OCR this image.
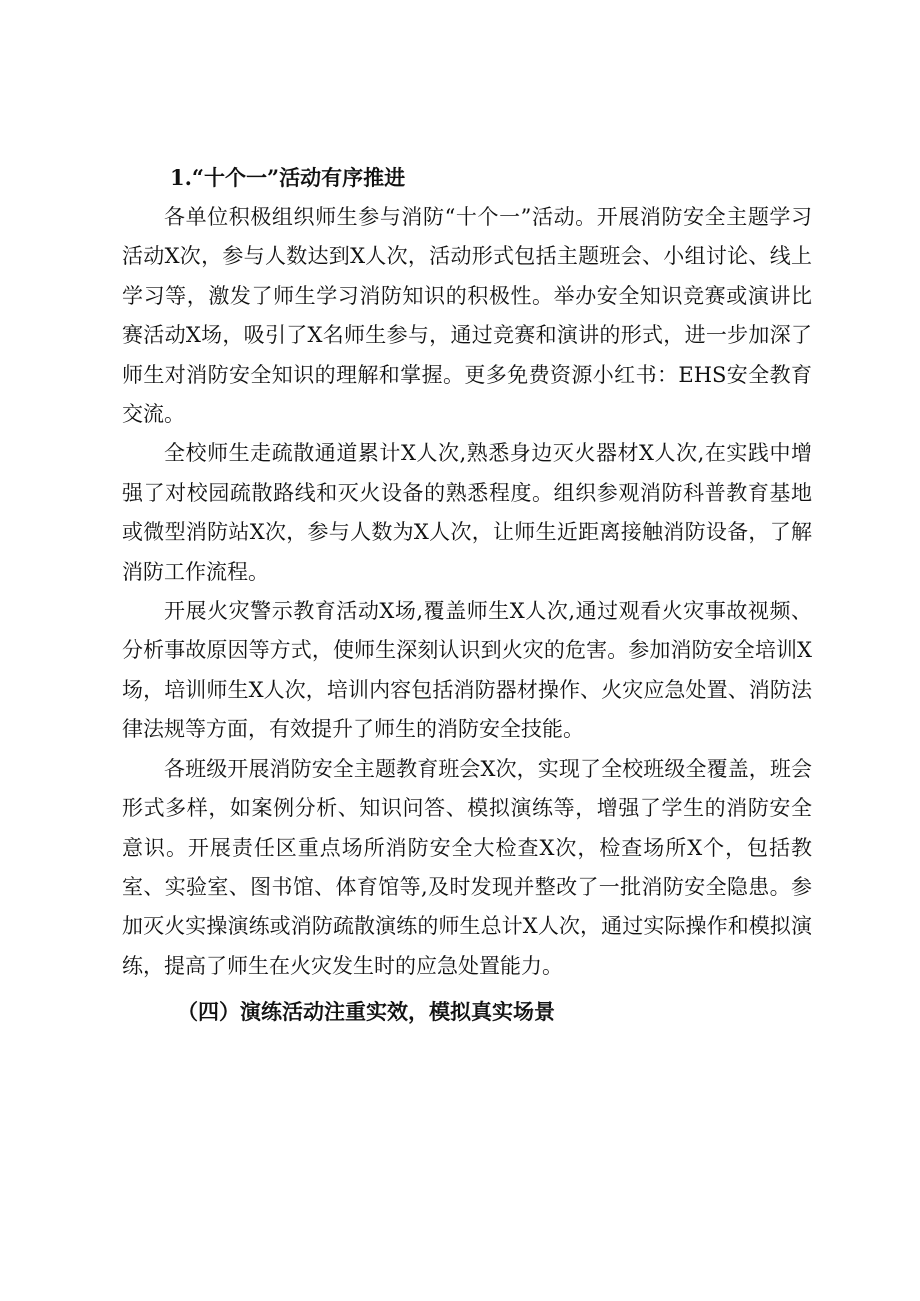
1.“十个一”活动有序推进

各单位积极组织师生参与消防“十个一”活动。开展消防安全主题学习活动X次，参与人数达到X人次，活动形式包括主题班会、小组讨论、线上学习等，激发了师生学习消防知识的积极性。举办安全知识竞赛或演讲比赛活动X场，吸引了X名师生参与，通过竞赛和演讲的形式，进一步加深了师生对消防安全知识的理解和掌握。更多免费资源小红书：EHS安全教育交流。

全校师生走疏散通道累计X人次,熟悉身边灭火器材X人次,在实践中增强了对校园疏散路线和灭火设备的熟悉程度。组织参观消防科普教育基地或微型消防站X次，参与人数为X人次，让师生近距离接触消防设备，了解消防工作流程。

开展火灾警示教育活动X场,覆盖师生X人次,通过观看火灾事故视频、分析事故原因等方式，使师生深刻认识到火灾的危害。参加消防安全培训X场，培训师生X人次，培训内容包括消防器材操作、火灾应急处置、消防法律法规等方面，有效提升了师生的消防安全技能。

各班级开展消防安全主题教育班会X次，实现了全校班级全覆盖，班会形式多样，如案例分析、知识问答、模拟演练等，增强了学生的消防安全意识。开展责任区重点场所消防安全大检查X次，检查场所X个，包括教室、实验室、图书馆、体育馆等,及时发现并整改了一批消防安全隐患。参加灭火实操演练或消防疏散演练的师生总计X人次，通过实际操作和模拟演练，提高了师生在火灾发生时的应急处置能力。

（四）演练活动注重实效，模拟真实场景
